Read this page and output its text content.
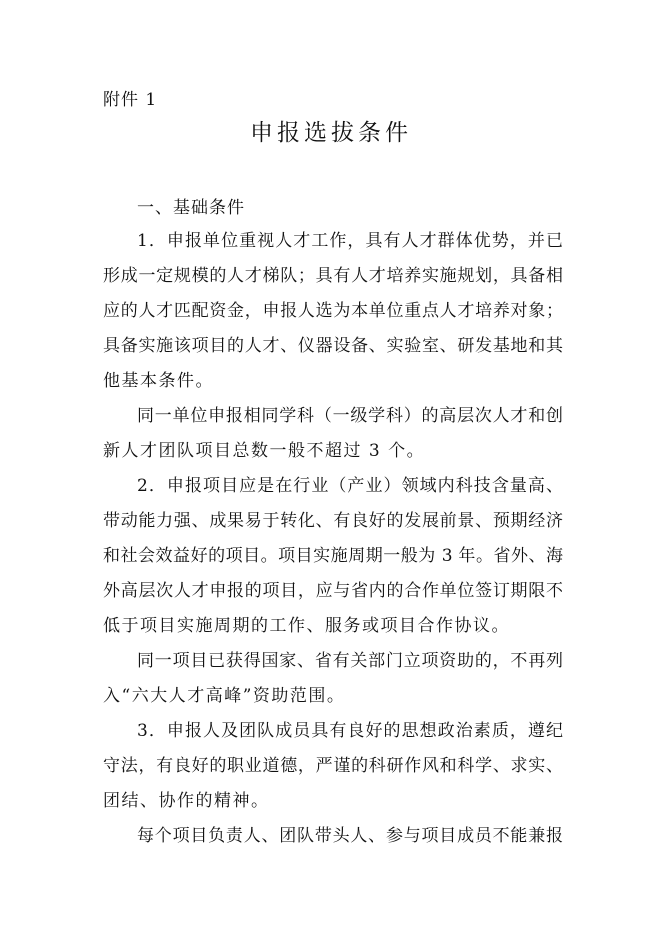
附件 1
申报选拔条件
一、基础条件
1．申报单位重视人才工作，具有人才群体优势，并已
形成一定规模的人才梯队；具有人才培养实施规划，具备相
应的人才匹配资金，申报人选为本单位重点人才培养对象；
具备实施该项目的人才、仪器设备、实验室、研发基地和其
他基本条件。
同一单位申报相同学科（一级学科）的高层次人才和创
新人才团队项目总数一般不超过 3 个。
2．申报项目应是在行业（产业）领域内科技含量高、
带动能力强、成果易于转化、有良好的发展前景、预期经济
和社会效益好的项目。项目实施周期一般为 3 年。省外、海
外高层次人才申报的项目，应与省内的合作单位签订期限不
低于项目实施周期的工作、服务或项目合作协议。
同一项目已获得国家、省有关部门立项资助的，不再列
入“六大人才高峰”资助范围。
3．申报人及团队成员具有良好的思想政治素质，遵纪
守法，有良好的职业道德，严谨的科研作风和科学、求实、
团结、协作的精神。
每个项目负责人、团队带头人、参与项目成员不能兼报
